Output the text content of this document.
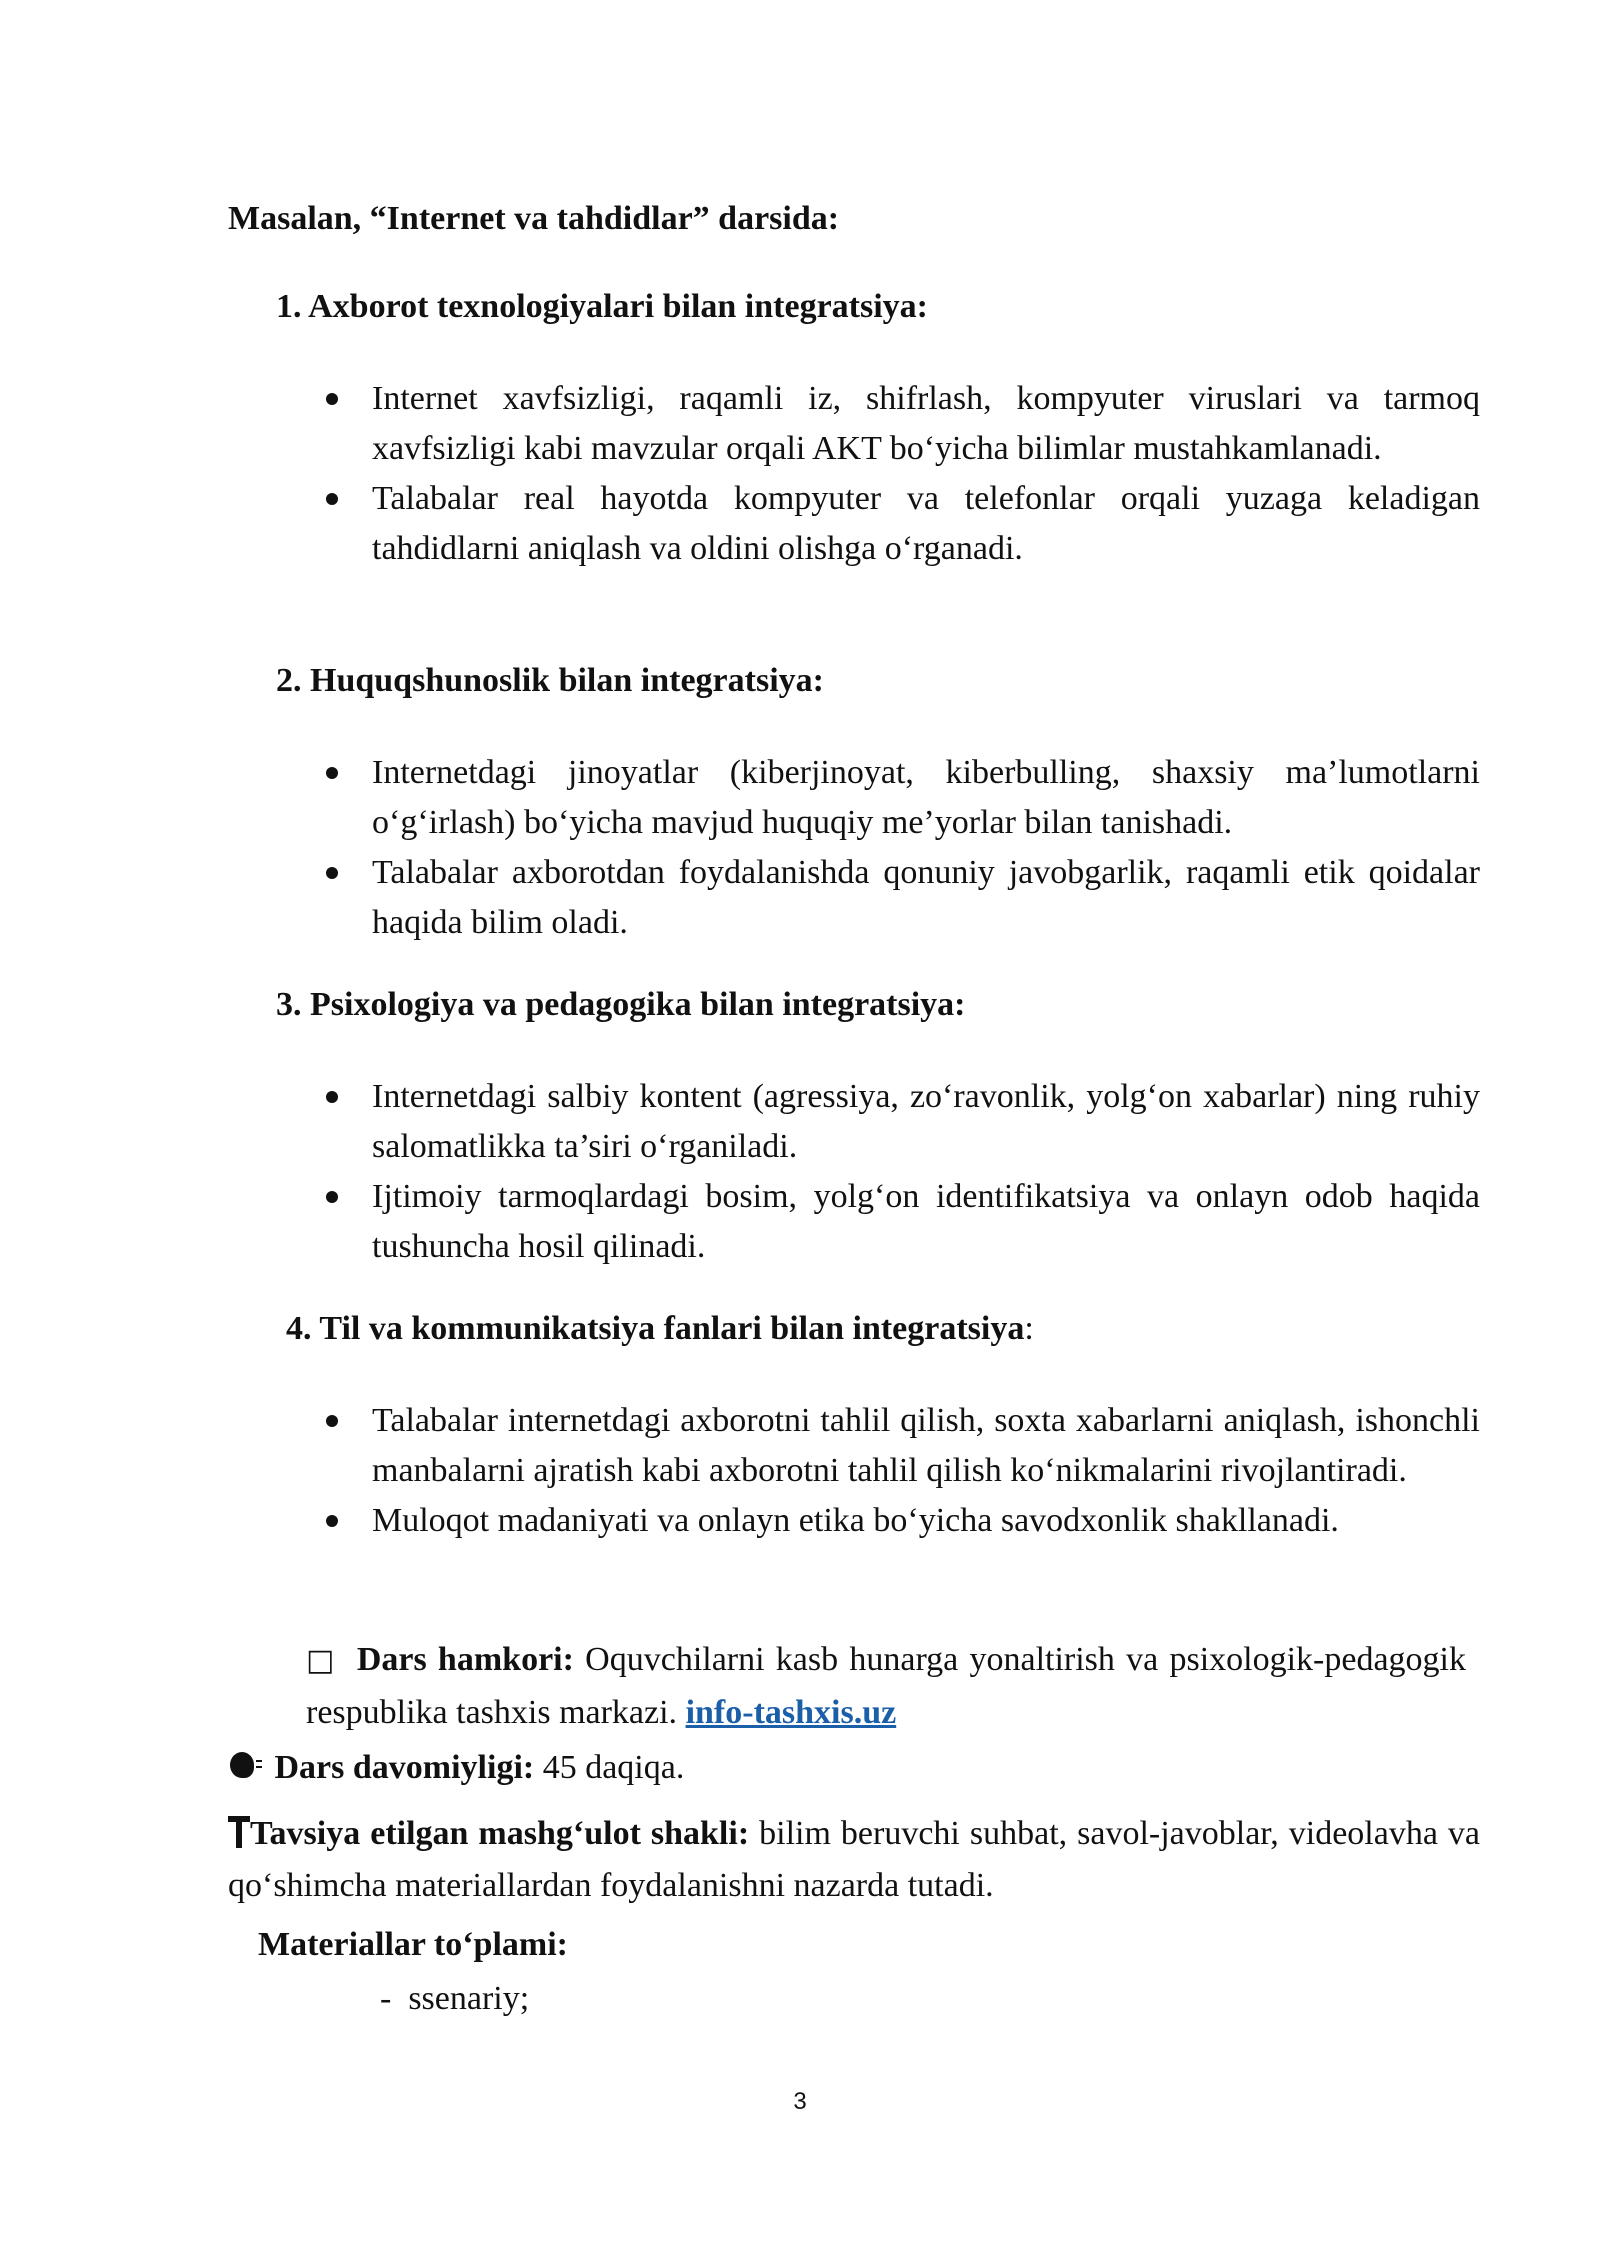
Masalan, “Internet va tahdidlar” darsida:
1. Axborot texnologiyalari bilan integratsiya:
Internet xavfsizligi, raqamli iz, shifrlash, kompyuter viruslari va tarmoq xavfsizligi kabi mavzular orqali AKT bo‘yicha bilimlar mustahkamlanadi.
Talabalar real hayotda kompyuter va telefonlar orqali yuzaga keladigan tahdidlarni aniqlash va oldini olishga o‘rganadi.
2. Huquqshunoslik bilan integratsiya:
Internetdagi jinoyatlar (kiberjinoyat, kiberbulling, shaxsiy ma’lumotlarni o‘g‘irlash) bo‘yicha mavjud huquqiy me’yorlar bilan tanishadi.
Talabalar axborotdan foydalanishda qonuniy javobgarlik, raqamli etik qoidalar haqida bilim oladi.
3. Psixologiya va pedagogika bilan integratsiya:
Internetdagi salbiy kontent (agressiya, zo‘ravonlik, yolg‘on xabarlar) ning ruhiy salomatlikka ta’siri o‘rganiladi.
Ijtimoiy tarmoqlardagi bosim, yolg‘on identifikatsiya va onlayn odob haqida tushuncha hosil qilinadi.
4. Til va kommunikatsiya fanlari bilan integratsiya:
Talabalar internetdagi axborotni tahlil qilish, soxta xabarlarni aniqlash, ishonchli manbalarni ajratish kabi axborotni tahlil qilish ko‘nikmalarini rivojlantiradi.
Muloqot madaniyati va onlayn etika bo‘yicha savodxonlik shakllanadi.
□ Dars hamkori: Oquvchilarni kasb hunarga yonaltirish va psixologik-pedagogik respublika tashxis markazi. info-tashxis.uz
Dars davomiyligi: 45 daqiqa.
Tavsiya etilgan mashg‘ulot shakli: bilim beruvchi suhbat, savol-javoblar, videolavha va qo‘shimcha materiallardan foydalanishni nazarda tutadi.
Materiallar to‘plami:
-  ssenariy;
3
